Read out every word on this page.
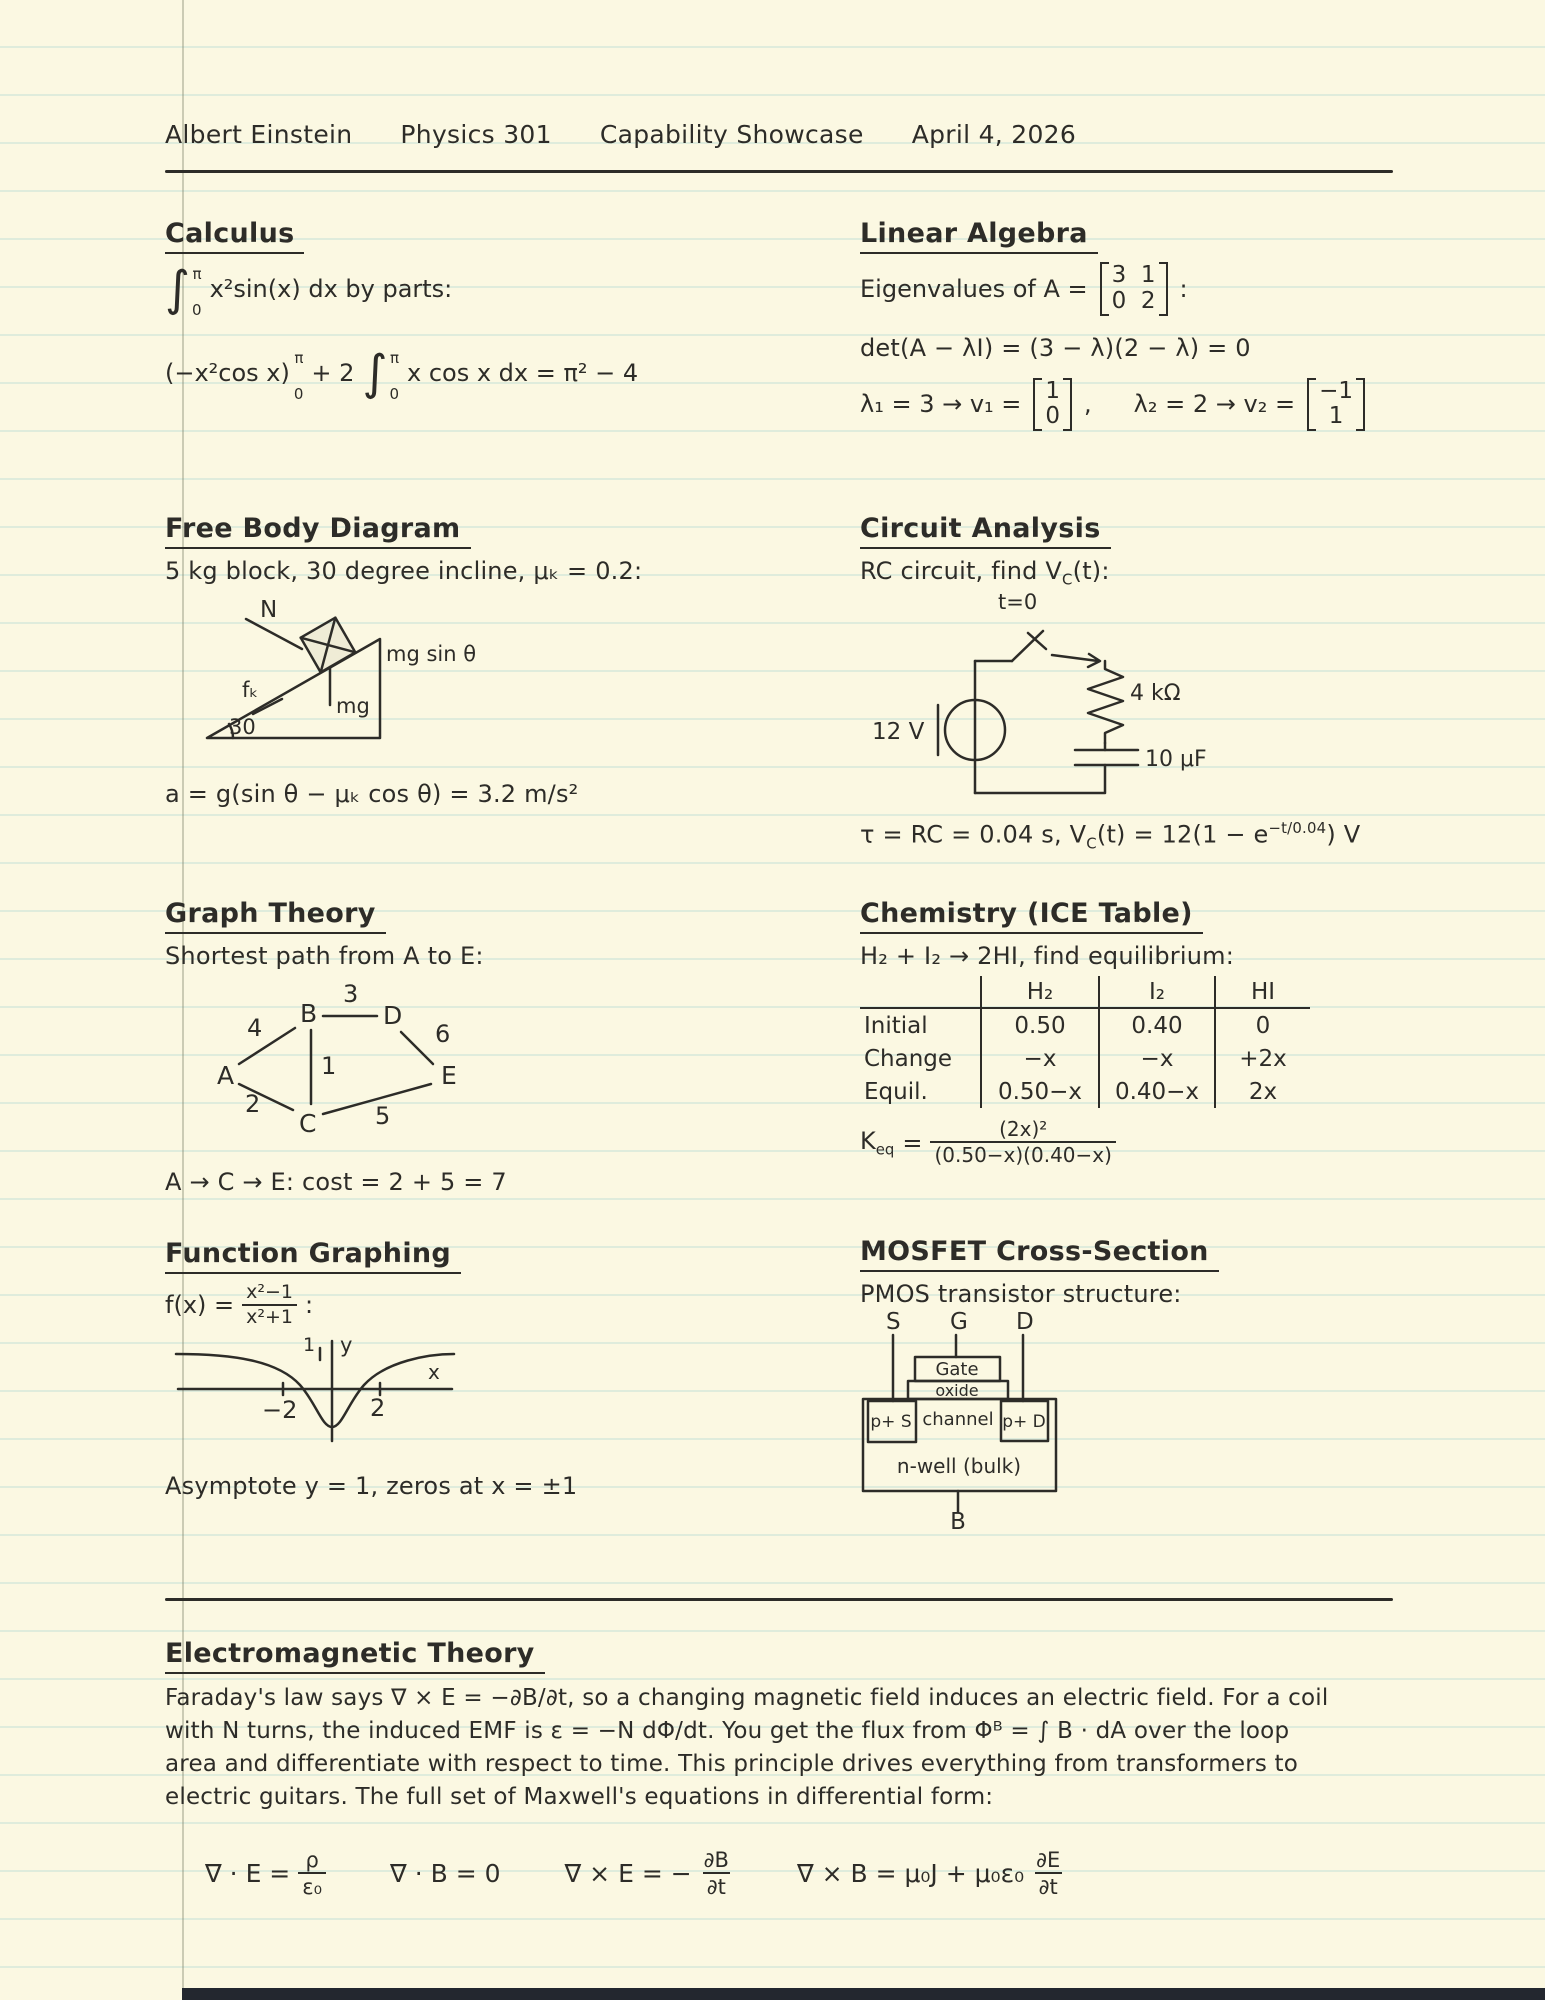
Albert Einstein Physics 301 Capability Showcase April 4, 2026
Calculus
∫ π
0
x²sin(x) dx by parts:
(−x²cos x)
π
0
+ 2 ∫ π
0
x cos x dx = π² − 4
Linear Algebra
Eigenvalues of A = 3  1
0  2 :
det(A − λI) = (3 − λ)(2 − λ) = 0
λ₁ = 3 → v₁ = 1
0 , λ₂ = 2 → v₂ = −1
1
Free Body Diagram
5 kg block, 30 degree incline, μₖ = 0.2:
N
fₖ
30
mg
mg sin θ
a = g(sin θ − μₖ cos θ) = 3.2 m/s²
Circuit Analysis
RC circuit, find $V_C(t)$:
t=0
12 V
4 kΩ
10 μF
τ = RC = 0.04 s, $V_C(t) = 12(1 - e^{-t/0.04})$ V
Graph Theory
Shortest path from A to E:
A
B	D
E
C
4
3
6
2
1
5
A → C → E: cost = 2 + 5 = 7
Chemistry (ICE Table)
H₂ + I₂ → 2HI, find equilibrium:
H₂	I₂	HI
Initial	0.50	0.40	0
Change	−x	−x	+2x
Equil.	0.50−x	0.40−x	2x
$K_{eq} = \frac{\text{(2x)²}}{(0.50-x)(0.40-x)}$
Function Graphing
$f(x) = \frac{\text{x²−1}}{\text{x²+1}}$ :
1 y
x
−2	2
Asymptote y = 1, zeros at x = ±1
MOSFET Cross-Section
PMOS transistor structure:
S G D
Gate
oxide
p+ S channel p+ D
n-well (bulk)
B
Electromagnetic Theory
Faraday's law says ∇ × E = −∂B/∂t, so a changing magnetic field induces an electric field. For a coil
with N turns, the induced EMF is ε = −N dΦ/dt. You get the flux from Φᴮ = ∫ B · dA over the loop
area and differentiate with respect to time. This principle drives everything from transformers to
electric guitars. The full set of Maxwell's equations in differential form:
∇ · $E = \frac{\rho}{\text{ε₀}}$	∇ · B = 0	∇ × E = − $\frac{\partial B}{\partial t}$	∇ × $B = \mu_0J + \mu_0\varepsilon_0 \frac{\partial E}{\partial t}$
